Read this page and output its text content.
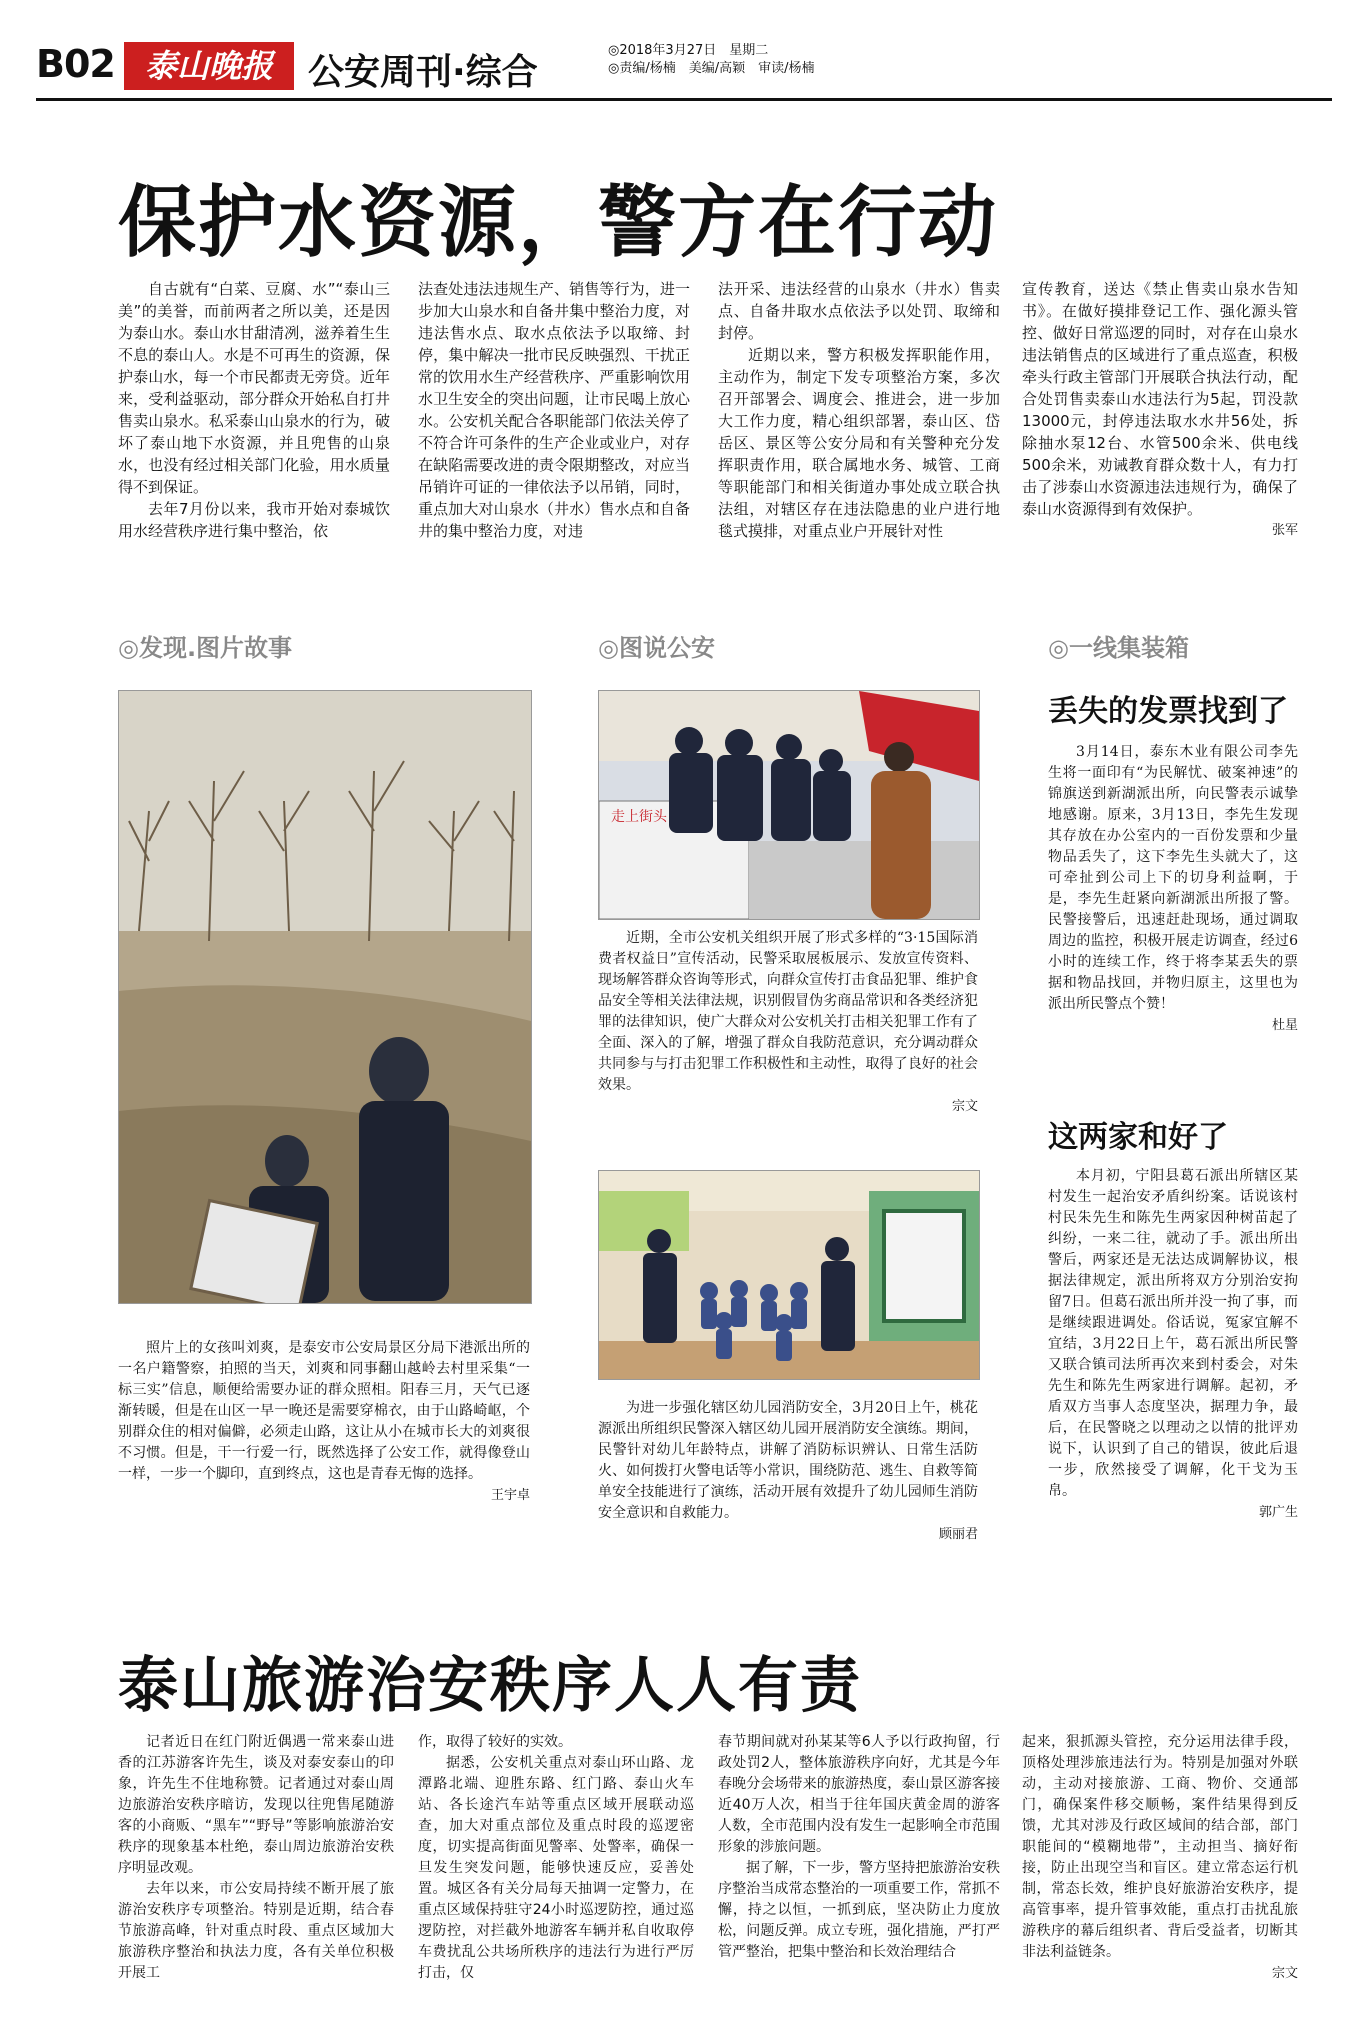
B02 泰山晚报 公安周刊·综合
◎2018年3月27日　星期二
◎责编/杨楠　美编/高颖　审读/杨楠
保护水资源，警方在行动

自古就有“白菜、豆腐、水”“泰山三美”的美誉，而前两者之所以美，还是因为泰山水。泰山水甘甜清冽，滋养着生生不息的泰山人。水是不可再生的资源，保护泰山水，每一个市民都责无旁贷。近年来，受利益驱动，部分群众开始私自打井售卖山泉水。私采泰山山泉水的行为，破坏了泰山地下水资源，并且兜售的山泉水，也没有经过相关部门化验，用水质量得不到保证。

去年7月份以来，我市开始对泰城饮用水经营秩序进行集中整治，依

法查处违法违规生产、销售等行为，进一步加大山泉水和自备井集中整治力度，对违法售水点、取水点依法予以取缔、封停，集中解决一批市民反映强烈、干扰正常的饮用水生产经营秩序、严重影响饮用水卫生安全的突出问题，让市民喝上放心水。公安机关配合各职能部门依法关停了不符合许可条件的生产企业或业户，对存在缺陷需要改进的责令限期整改，对应当吊销许可证的一律依法予以吊销，同时，重点加大对山泉水（井水）售水点和自备井的集中整治力度，对违

法开采、违法经营的山泉水（井水）售卖点、自备井取水点依法予以处罚、取缔和封停。

近期以来，警方积极发挥职能作用，主动作为，制定下发专项整治方案，多次召开部署会、调度会、推进会，进一步加大工作力度，精心组织部署，泰山区、岱岳区、景区等公安分局和有关警种充分发挥职责作用，联合属地水务、城管、工商等职能部门和相关街道办事处成立联合执法组，对辖区存在违法隐患的业户进行地毯式摸排，对重点业户开展针对性

宣传教育，送达《禁止售卖山泉水告知书》。在做好摸排登记工作、强化源头管控、做好日常巡逻的同时，对存在山泉水违法销售点的区域进行了重点巡查，积极牵头行政主管部门开展联合执法行动，配合处罚售卖泰山水违法行为5起，罚没款13000元，封停违法取水水井56处，拆除抽水泵12台、水管500余米、供电线500余米，劝诫教育群众数十人，有力打击了涉泰山水资源违法违规行为，确保了泰山水资源得到有效保护。

张军
◎发现.图片故事	◎图说公安	◎一线集装箱

照片上的女孩叫刘爽，是泰安市公安局景区分局下港派出所的一名户籍警察，拍照的当天，刘爽和同事翻山越岭去村里采集“一标三实”信息，顺便给需要办证的群众照相。阳春三月，天气已逐渐转暖，但是在山区一早一晚还是需要穿棉衣，由于山路崎岖，个别群众住的相对偏僻，必须走山路，这让从小在城市长大的刘爽很不习惯。但是，干一行爱一行，既然选择了公安工作，就得像登山一样，一步一个脚印，直到终点，这也是青春无悔的选择。

王宇卓
走上街头

近期，全市公安机关组织开展了形式多样的“3·15国际消费者权益日”宣传活动，民警采取展板展示、发放宣传资料、现场解答群众咨询等形式，向群众宣传打击食品犯罪、维护食品安全等相关法律法规，识别假冒伪劣商品常识和各类经济犯罪的法律知识，使广大群众对公安机关打击相关犯罪工作有了全面、深入的了解，增强了群众自我防范意识，充分调动群众共同参与与打击犯罪工作积极性和主动性，取得了良好的社会效果。

宗文

为进一步强化辖区幼儿园消防安全，3月20日上午，桃花源派出所组织民警深入辖区幼儿园开展消防安全演练。期间，民警针对幼儿年龄特点，讲解了消防标识辨认、日常生活防火、如何拨打火警电话等小常识，围绕防范、逃生、自救等简单安全技能进行了演练，活动开展有效提升了幼儿园师生消防安全意识和自救能力。

顾丽君
丢失的发票找到了

3月14日，泰东木业有限公司李先生将一面印有“为民解忧、破案神速”的锦旗送到新湖派出所，向民警表示诚挚地感谢。原来，3月13日，李先生发现其存放在办公室内的一百份发票和少量物品丢失了，这下李先生头就大了，这可牵扯到公司上下的切身利益啊，于是，李先生赶紧向新湖派出所报了警。民警接警后，迅速赶赴现场，通过调取周边的监控，积极开展走访调查，经过6小时的连续工作，终于将李某丢失的票据和物品找回，并物归原主，这里也为派出所民警点个赞！

杜星
这两家和好了

本月初，宁阳县葛石派出所辖区某村发生一起治安矛盾纠纷案。话说该村村民朱先生和陈先生两家因种树苗起了纠纷，一来二往，就动了手。派出所出警后，两家还是无法达成调解协议，根据法律规定，派出所将双方分别治安拘留7日。但葛石派出所并没一拘了事，而是继续跟进调处。俗话说，冤家宜解不宜结，3月22日上午，葛石派出所民警又联合镇司法所再次来到村委会，对朱先生和陈先生两家进行调解。起初，矛盾双方当事人态度坚决，据理力争，最后，在民警晓之以理动之以情的批评劝说下，认识到了自己的错误，彼此后退一步，欣然接受了调解，化干戈为玉帛。

郭广生
泰山旅游治安秩序人人有责

记者近日在红门附近偶遇一常来泰山进香的江苏游客许先生，谈及对泰安泰山的印象，许先生不住地称赞。记者通过对泰山周边旅游治安秩序暗访，发现以往兜售尾随游客的小商贩、“黑车”“野导”等影响旅游治安秩序的现象基本杜绝，泰山周边旅游治安秩序明显改观。

去年以来，市公安局持续不断开展了旅游治安秩序专项整治。特别是近期，结合春节旅游高峰，针对重点时段、重点区域加大旅游秩序整治和执法力度，各有关单位积极开展工

作，取得了较好的实效。

据悉，公安机关重点对泰山环山路、龙潭路北端、迎胜东路、红门路、泰山火车站、各长途汽车站等重点区域开展联动巡查，加大对重点部位及重点时段的巡逻密度，切实提高街面见警率、处警率，确保一旦发生突发问题，能够快速反应，妥善处置。城区各有关分局每天抽调一定警力，在重点区域保持驻守24小时巡逻防控，通过巡逻防控，对拦截外地游客车辆并私自收取停车费扰乱公共场所秩序的违法行为进行严厉打击，仅

春节期间就对孙某某等6人予以行政拘留，行政处罚2人，整体旅游秩序向好，尤其是今年春晚分会场带来的旅游热度，泰山景区游客接近40万人次，相当于往年国庆黄金周的游客人数，全市范围内没有发生一起影响全市范围形象的涉旅问题。

据了解，下一步，警方坚持把旅游治安秩序整治当成常态整治的一项重要工作，常抓不懈，持之以恒，一抓到底，坚决防止力度放松，问题反弹。成立专班，强化措施，严打严管严整治，把集中整治和长效治理结合

起来，狠抓源头管控，充分运用法律手段，顶格处理涉旅违法行为。特别是加强对外联动，主动对接旅游、工商、物价、交通部门，确保案件移交顺畅，案件结果得到反馈，尤其对涉及行政区域间的结合部，部门职能间的“模糊地带”，主动担当、摘好衔接，防止出现空当和盲区。建立常态运行机制，常态长效，维护良好旅游治安秩序，提高管事率，提升管事效能，重点打击扰乱旅游秩序的幕后组织者、背后受益者，切断其非法利益链条。

宗文
